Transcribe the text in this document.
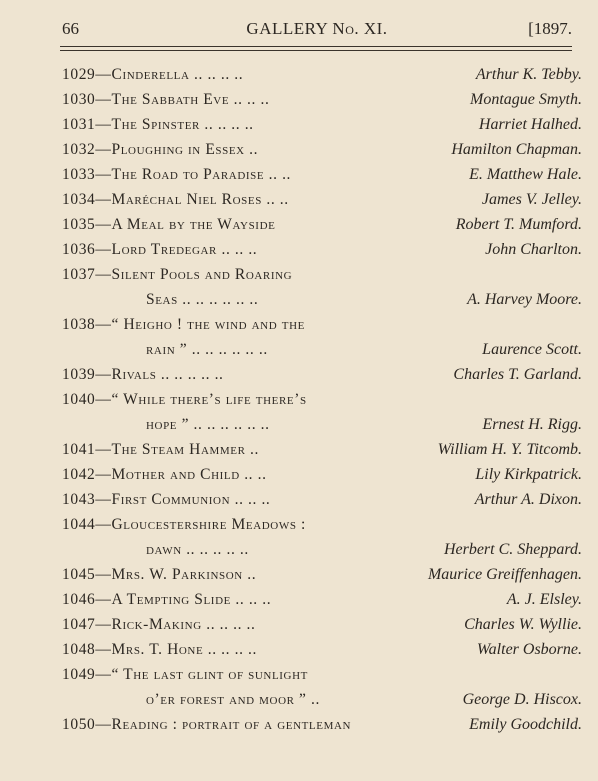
66	GALLERY No. XI.	[1897.
1029—Cinderella .. .. .. ..	Arthur K. Tebby.
1030—The Sabbath Eve .. .. ..	Montague Smyth.
1031—The Spinster .. .. .. ..	Harriet Halhed.
1032—Ploughing in Essex ..	Hamilton Chapman.
1033—The Road to Paradise .. ..	E. Matthew Hale.
1034—Maréchal Niel Roses .. ..	James V. Jelley.
1035—A Meal by the Wayside	Robert T. Mumford.
1036—Lord Tredegar .. .. ..	John Charlton.
1037—Silent Pools and Roaring
Seas .. .. .. .. .. ..	A. Harvey Moore.
1038—“ Heigho ! the wind and the
rain ” .. .. .. .. .. ..	Laurence Scott.
1039—Rivals .. .. .. .. ..	Charles T. Garland.
1040—“ While there’s life there’s
hope ” .. .. .. .. .. ..	Ernest H. Rigg.
1041—The Steam Hammer ..	William H. Y. Titcomb.
1042—Mother and Child .. ..	Lily Kirkpatrick.
1043—First Communion .. .. ..	Arthur A. Dixon.
1044—Gloucestershire Meadows :
dawn .. .. .. .. ..	Herbert C. Sheppard.
1045—Mrs. W. Parkinson ..	Maurice Greiffenhagen.
1046—A Tempting Slide .. .. ..	A. J. Elsley.
1047—Rick-Making .. .. .. ..	Charles W. Wyllie.
1048—Mrs. T. Hone .. .. .. ..	Walter Osborne.
1049—“ The last glint of sunlight
o’er forest and moor ” ..	George D. Hiscox.
1050—Reading : portrait of a gentleman	Emily Goodchild.
